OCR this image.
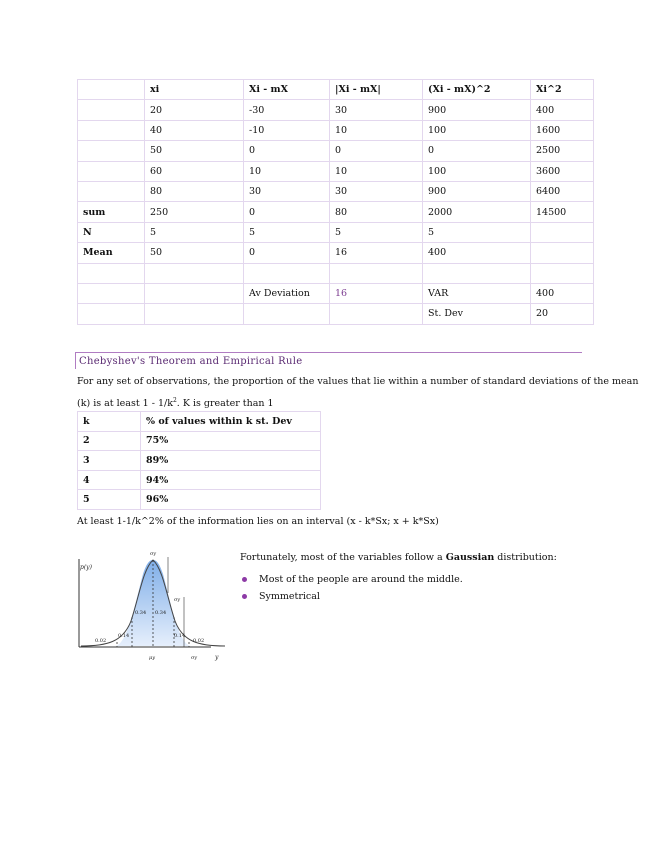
	xi	Xi - mX	|Xi - mX|	(Xi - mX)^2	Xi^2
	20	-30	30	900	400
	40	-10	10	100	1600
	50	0	0	0	2500
	60	10	10	100	3600
	80	30	30	900	6400
sum	250	0	80	2000	14500
N	5	5	5	5	
Mean	50	0	16	400	

		Av Deviation	16	VAR	400
				St. Dev	20
Chebyshev's Theorem and Empirical Rule
For any set of observations, the proportion of the values that lie within a number of standard deviations of the mean
(k) is at least $1 - 1/k^2$. K is greater than 1
k	% of values within k st. Dev
2	75%
3	89%
4	94%
5	96%
At least 1-1/k^2% of the information lies on an interval (x - k*Sx; x + k*Sx)
p(y)
σy
σy
σy
0.34 0.34
0.14	0.14
0.02	0.02
μy	y
Fortunately, most of the variables follow a Gaussian distribution:
Most of the people are around the middle.
Symmetrical
